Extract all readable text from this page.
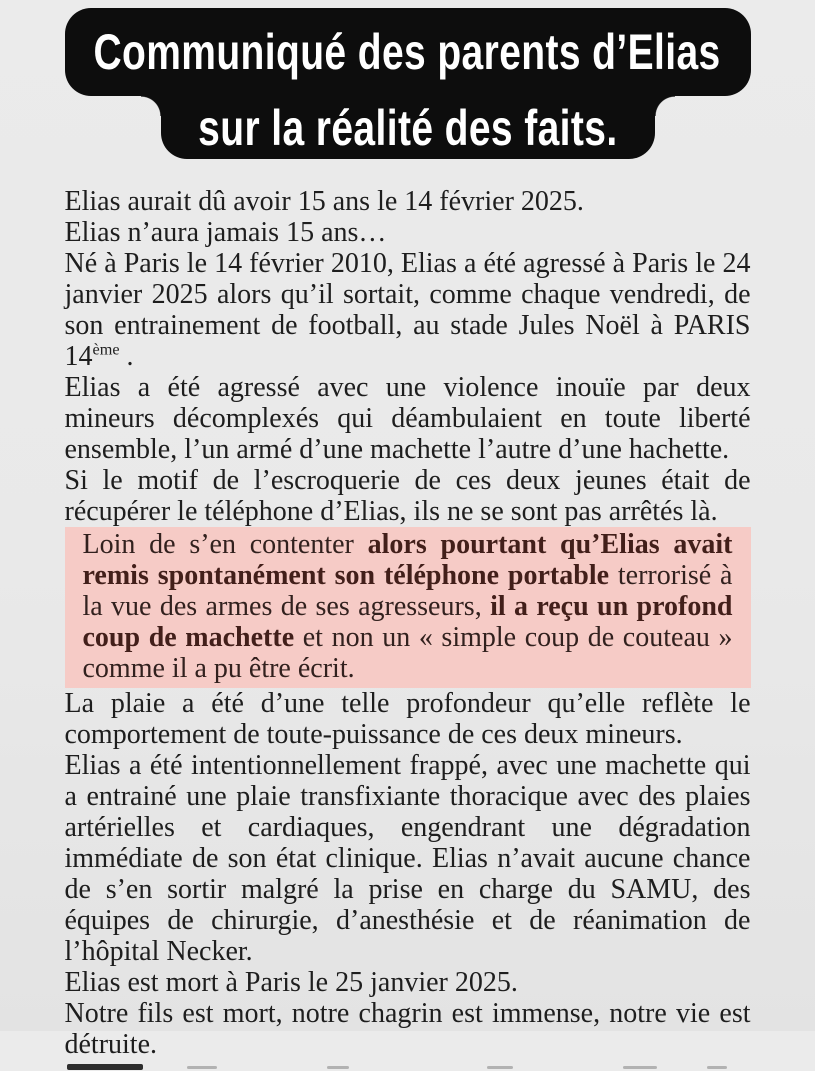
Communiqué des parents d’Elias
sur la réalité des faits.

Elias aurait dû avoir 15 ans le 14 février 2025.

Elias n’aura jamais 15 ans…

Né à Paris le 14 février 2010, Elias a été agressé à Paris le 24 janvier 2025 alors qu’il sortait, comme chaque vendredi, de son entrainement de football, au stade Jules Noël à PARIS 14ème .

Elias a été agressé avec une violence inouïe par deux mineurs décomplexés qui déambulaient en toute liberté ensemble, l’un armé d’une machette l’autre d’une hachette.

Si le motif de l’escroquerie de ces deux jeunes était de récupérer le téléphone d’Elias, ils ne se sont pas arrêtés là.

Loin de s’en contenter alors pourtant qu’Elias avait remis spontanément son téléphone portable terrorisé à la vue des armes de ses agresseurs, il a reçu un profond coup de machette et non un « simple coup de couteau » comme il a pu être écrit.

La plaie a été d’une telle profondeur qu’elle reflète le comportement de toute-puissance de ces deux mineurs.

Elias a été intentionnellement frappé, avec une machette qui a entrainé une plaie transfixiante thoracique avec des plaies artérielles et cardiaques, engendrant une dégradation immédiate de son état clinique. Elias n’avait aucune chance de s’en sortir malgré la prise en charge du SAMU, des équipes de chirurgie, d’anesthésie et de réanimation de l’hôpital Necker.

Elias est mort à Paris le 25 janvier 2025.

Notre fils est mort, notre chagrin est immense, notre vie est détruite.
